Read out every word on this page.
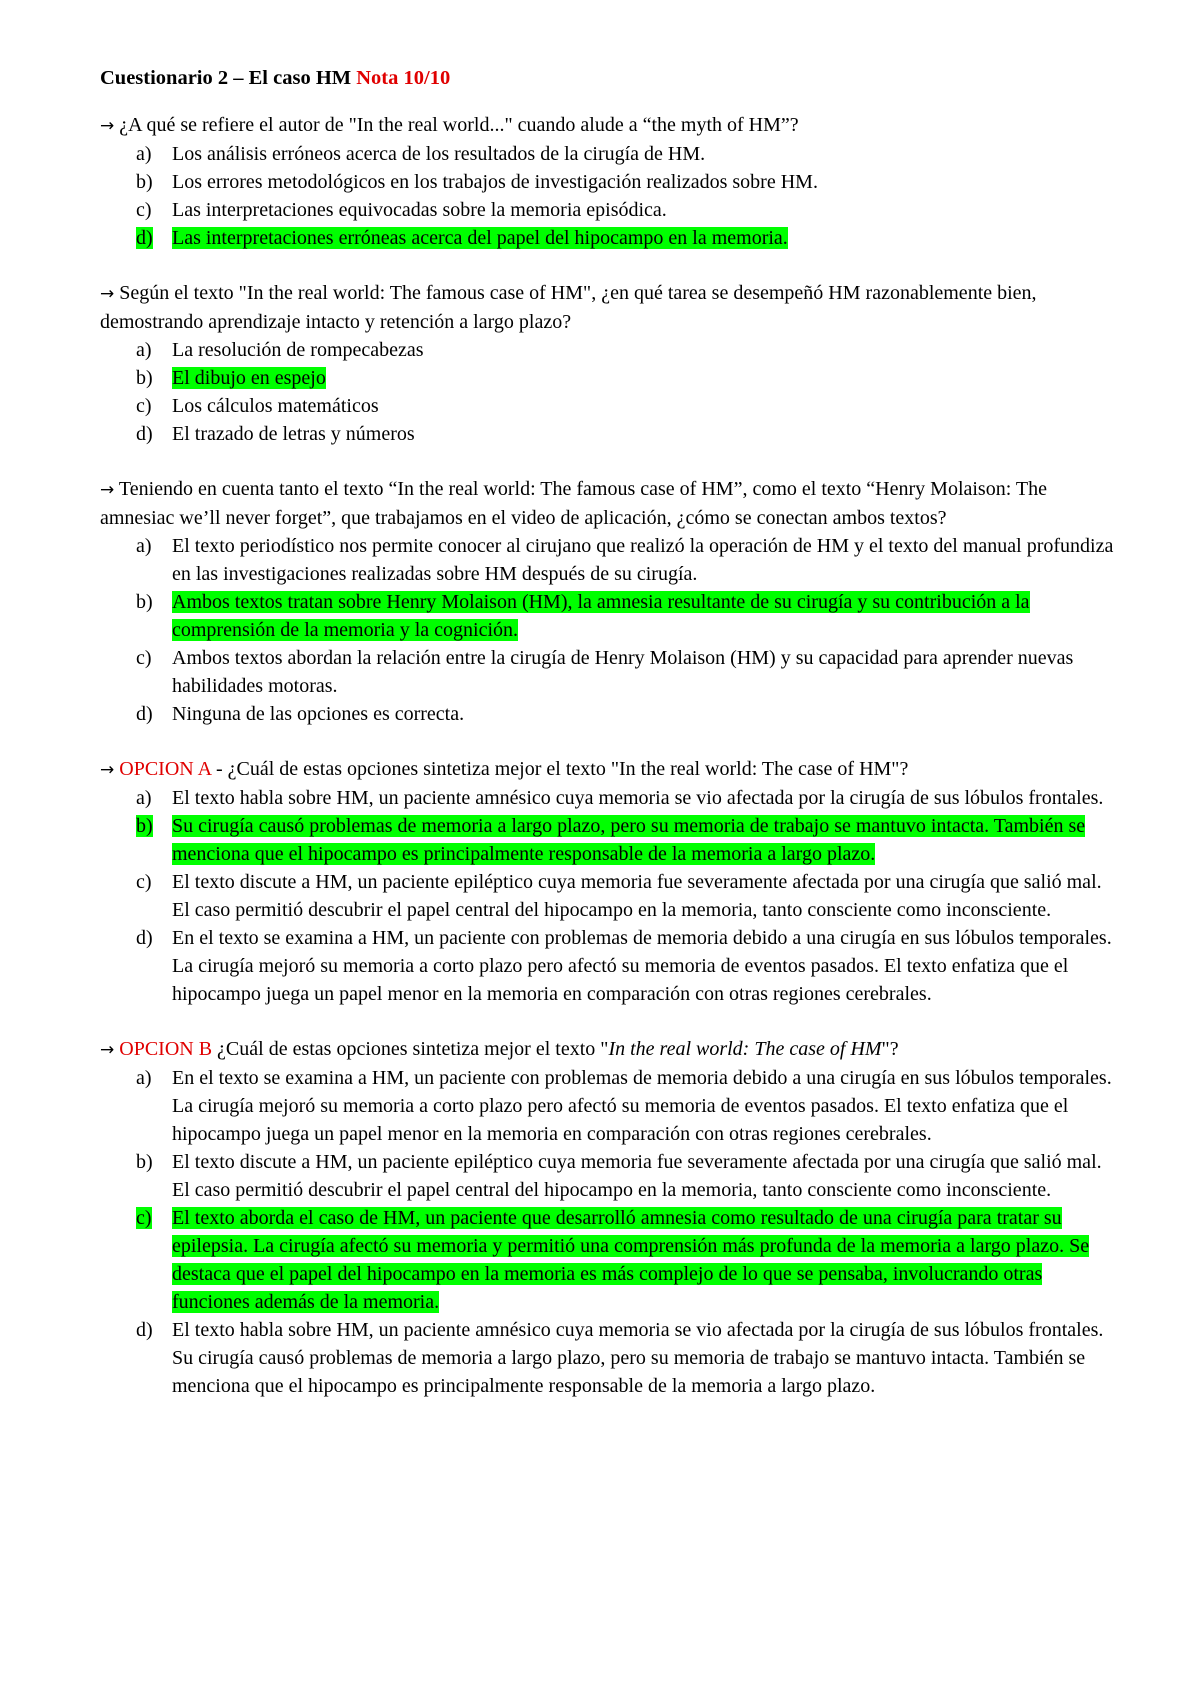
Cuestionario 2 – El caso HM Nota 10/10
→ ¿A qué se refiere el autor de "In the real world..." cuando alude a “the myth of HM”?
a)	Los análisis erróneos acerca de los resultados de la cirugía de HM.
b) Los errores metodológicos en los trabajos de investigación realizados sobre HM.
c)	Las interpretaciones equivocadas sobre la memoria episódica.
d) Las interpretaciones erróneas acerca del papel del hipocampo en la memoria.
→ Según el texto "In the real world: The famous case of HM", ¿en qué tarea se desempeñó HM razonablemente bien, demostrando aprendizaje intacto y retención a largo plazo?
a)	La resolución de rompecabezas
b) El dibujo en espejo
c)	Los cálculos matemáticos
d) El trazado de letras y números
→ Teniendo en cuenta tanto el texto “In the real world: The famous case of HM”, como el texto “Henry Molaison: The amnesiac we’ll never forget”, que trabajamos en el video de aplicación, ¿cómo se conectan ambos textos?
a)	El texto periodístico nos permite conocer al cirujano que realizó la operación de HM y el texto del manual profundiza en las investigaciones realizadas sobre HM después de su cirugía.
b) Ambos textos tratan sobre Henry Molaison (HM), la amnesia resultante de su cirugía y su contribución a la comprensión de la memoria y la cognición.
c)	Ambos textos abordan la relación entre la cirugía de Henry Molaison (HM) y su capacidad para aprender nuevas habilidades motoras.
d) Ninguna de las opciones es correcta.
→ OPCION A - ¿Cuál de estas opciones sintetiza mejor el texto "In the real world: The case of HM"?
a)	El texto habla sobre HM, un paciente amnésico cuya memoria se vio afectada por la cirugía de sus lóbulos frontales.
b) Su cirugía causó problemas de memoria a largo plazo, pero su memoria de trabajo se mantuvo intacta. También se menciona que el hipocampo es principalmente responsable de la memoria a largo plazo.
c)	El texto discute a HM, un paciente epiléptico cuya memoria fue severamente afectada por una cirugía que salió mal. El caso permitió descubrir el papel central del hipocampo en la memoria, tanto consciente como inconsciente.
d) En el texto se examina a HM, un paciente con problemas de memoria debido a una cirugía en sus lóbulos temporales. La cirugía mejoró su memoria a corto plazo pero afectó su memoria de eventos pasados. El texto enfatiza que el hipocampo juega un papel menor en la memoria en comparación con otras regiones cerebrales.
→ OPCION B ¿Cuál de estas opciones sintetiza mejor el texto "In the real world: The case of HM"?
a)	En el texto se examina a HM, un paciente con problemas de memoria debido a una cirugía en sus lóbulos temporales. La cirugía mejoró su memoria a corto plazo pero afectó su memoria de eventos pasados. El texto enfatiza que el hipocampo juega un papel menor en la memoria en comparación con otras regiones cerebrales.
b) El texto discute a HM, un paciente epiléptico cuya memoria fue severamente afectada por una cirugía que salió mal. El caso permitió descubrir el papel central del hipocampo en la memoria, tanto consciente como inconsciente.
c)	El texto aborda el caso de HM, un paciente que desarrolló amnesia como resultado de una cirugía para tratar su epilepsia. La cirugía afectó su memoria y permitió una comprensión más profunda de la memoria a largo plazo. Se destaca que el papel del hipocampo en la memoria es más complejo de lo que se pensaba, involucrando otras funciones además de la memoria.
d) El texto habla sobre HM, un paciente amnésico cuya memoria se vio afectada por la cirugía de sus lóbulos frontales. Su cirugía causó problemas de memoria a largo plazo, pero su memoria de trabajo se mantuvo intacta. También se menciona que el hipocampo es principalmente responsable de la memoria a largo plazo.
